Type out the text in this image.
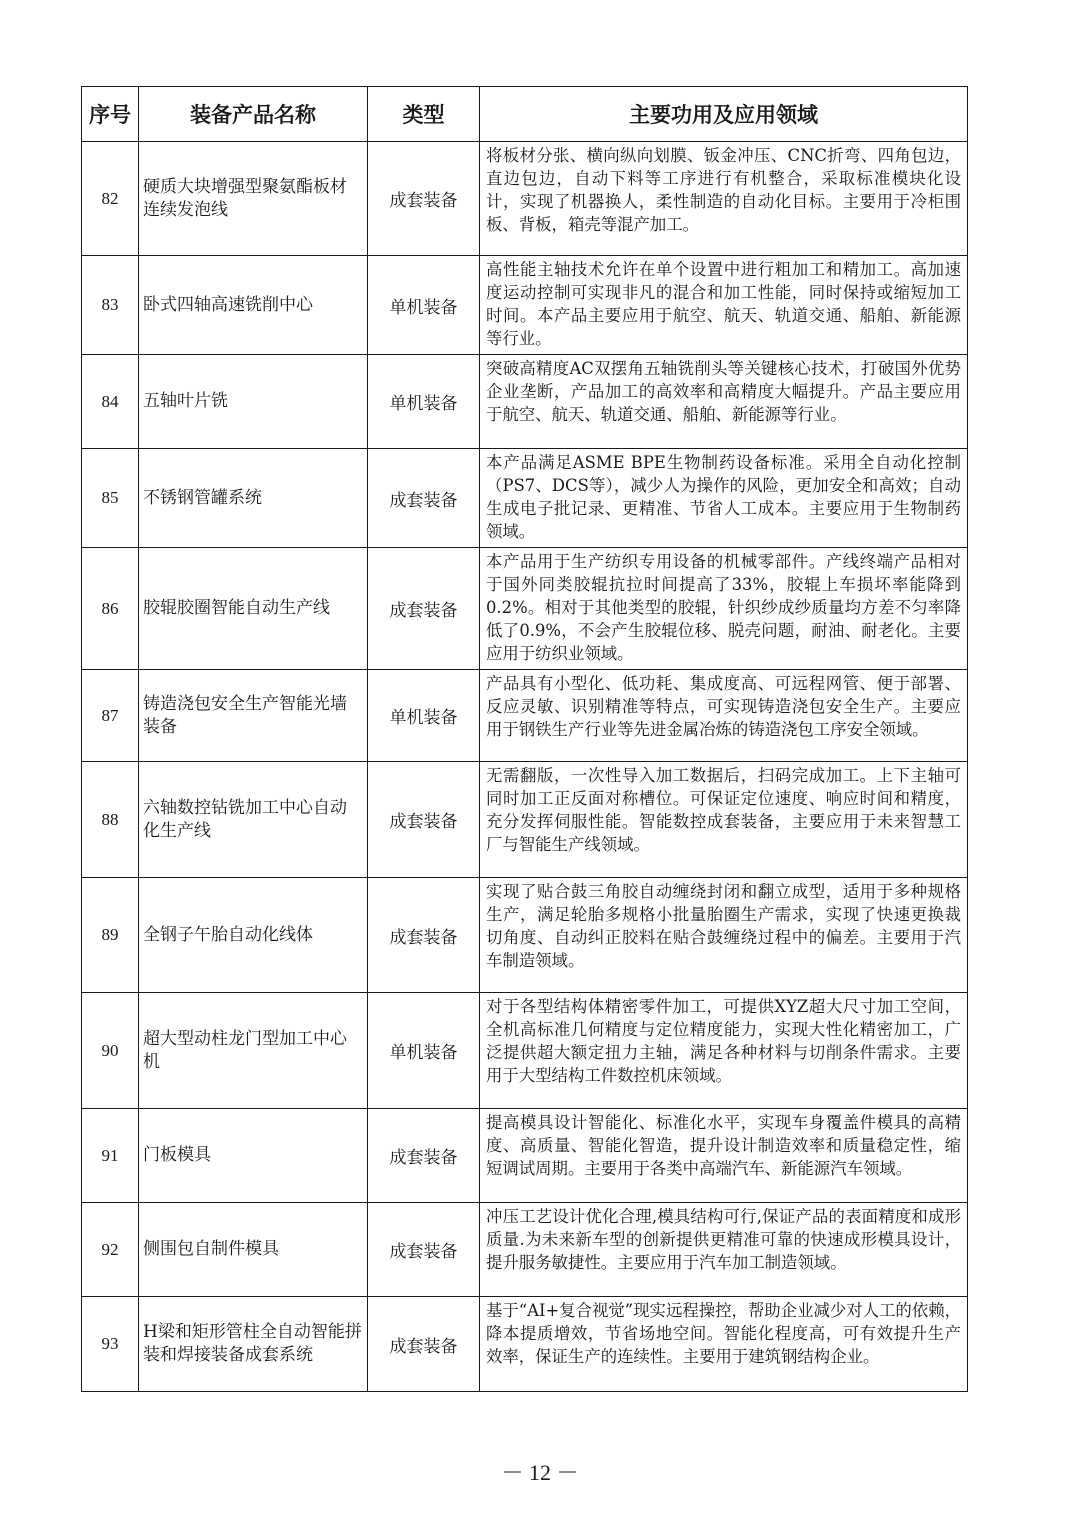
序号	装备产品名称	类型	主要功用及应用领域
82	硬质大块增强型聚氨酯板材连续发泡线	成套装备	将板材分张、横向纵向划膜、钣金冲压、CNC折弯、四角包边，直边包边，自动下料等工序进行有机整合，采取标准模块化设计，实现了机器换人，柔性制造的自动化目标。主要用于冷柜围板、背板，箱壳等混产加工。
83	卧式四轴高速铣削中心	单机装备	高性能主轴技术允许在单个设置中进行粗加工和精加工。高加速度运动控制可实现非凡的混合和加工性能，同时保持或缩短加工时间。本产品主要应用于航空、航天、轨道交通、船舶、新能源等行业。
84	五轴叶片铣	单机装备	突破高精度AC双摆角五轴铣削头等关键核心技术，打破国外优势企业垄断，产品加工的高效率和高精度大幅提升。产品主要应用于航空、航天、轨道交通、船舶、新能源等行业。
85	不锈钢管罐系统	成套装备	本产品满足ASME BPE生物制药设备标准。采用全自动化控制（PS7、DCS等），减少人为操作的风险，更加安全和高效；自动生成电子批记录、更精准、节省人工成本。主要应用于生物制药领域。
86	胶辊胶圈智能自动生产线	成套装备	本产品用于生产纺织专用设备的机械零部件。产线终端产品相对于国外同类胶辊抗拉时间提高了33%，胶辊上车损坏率能降到0.2%。相对于其他类型的胶辊，针织纱成纱质量均方差不匀率降低了0.9%，不会产生胶辊位移、脱壳问题，耐油、耐老化。主要应用于纺织业领域。
87	铸造浇包安全生产智能光墙装备	单机装备	产品具有小型化、低功耗、集成度高、可远程网管、便于部署、反应灵敏、识别精准等特点，可实现铸造浇包安全生产。主要应用于钢铁生产行业等先进金属冶炼的铸造浇包工序安全领域。
88	六轴数控钻铣加工中心自动化生产线	成套装备	无需翻版，一次性导入加工数据后，扫码完成加工。上下主轴可同时加工正反面对称槽位。可保证定位速度、响应时间和精度，充分发挥伺服性能。智能数控成套装备，主要应用于未来智慧工厂与智能生产线领域。
89	全钢子午胎自动化线体	成套装备	实现了贴合鼓三角胶自动缠绕封闭和翻立成型，适用于多种规格生产，满足轮胎多规格小批量胎圈生产需求，实现了快速更换裁切角度、自动纠正胶料在贴合鼓缠绕过程中的偏差。主要用于汽车制造领域。
90	超大型动柱龙门型加工中心机	单机装备	对于各型结构体精密零件加工，可提供XYZ超大尺寸加工空间，全机高标准几何精度与定位精度能力，实现大性化精密加工，广泛提供超大额定扭力主轴，满足各种材料与切削条件需求。主要用于大型结构工件数控机床领域。
91	门板模具	成套装备	提高模具设计智能化、标准化水平，实现车身覆盖件模具的高精度、高质量、智能化智造，提升设计制造效率和质量稳定性，缩短调试周期。主要用于各类中高端汽车、新能源汽车领域。
92	侧围包自制件模具	成套装备	冲压工艺设计优化合理,模具结构可行,保证产品的表面精度和成形质量.为未来新车型的创新提供更精准可靠的快速成形模具设计，提升服务敏捷性。主要应用于汽车加工制造领域。
93	H梁和矩形管柱全自动智能拼装和焊接装备成套系统	成套装备	基于“AI+复合视觉”现实远程操控，帮助企业减少对人工的依赖，降本提质增效，节省场地空间。智能化程度高，可有效提升生产效率，保证生产的连续性。主要用于建筑钢结构企业。
－ 12 －
